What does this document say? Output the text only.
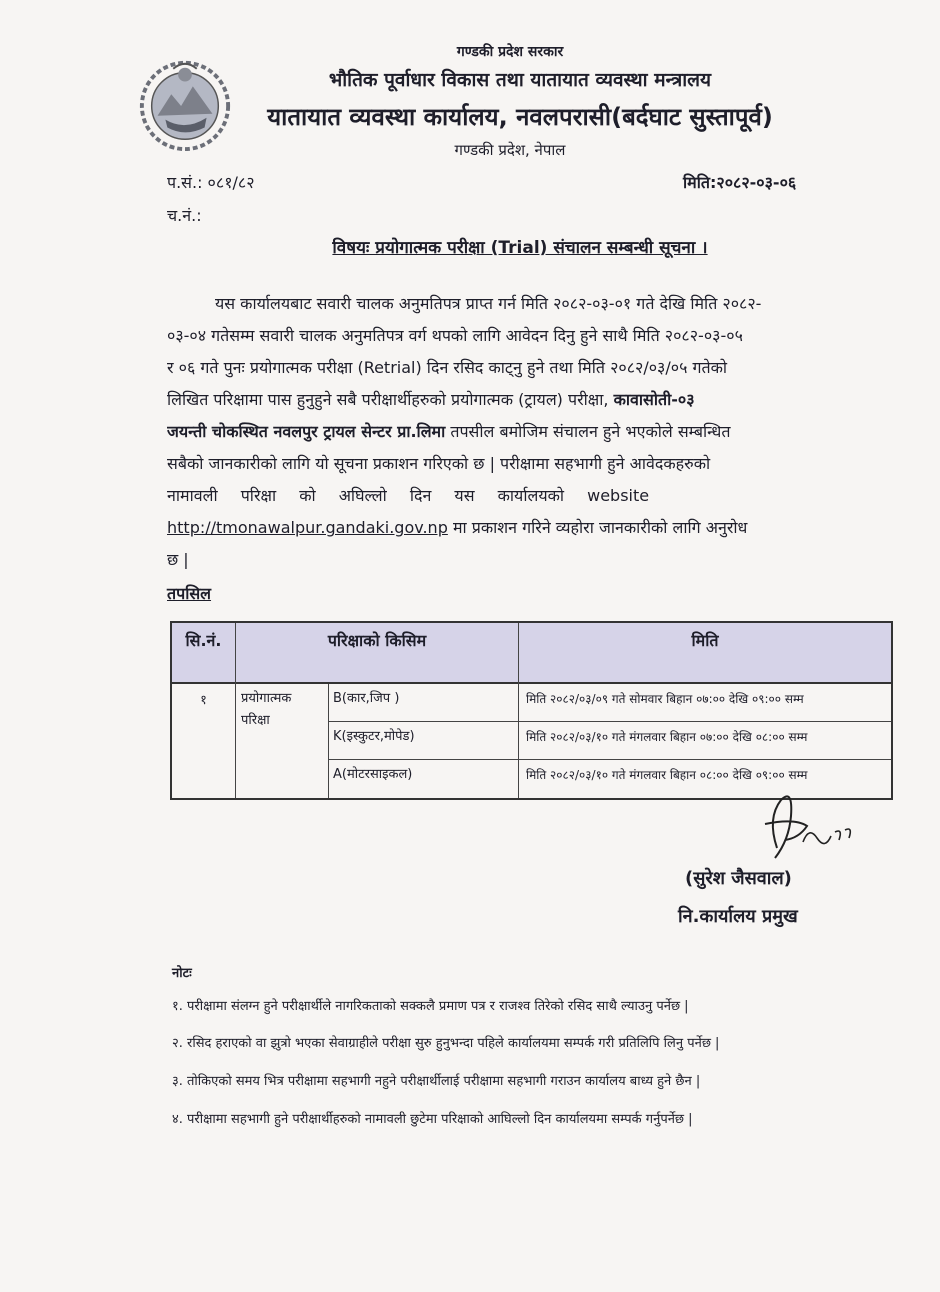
गण्डकी प्रदेश सरकार
भौतिक पूर्वाधार विकास तथा यातायात व्यवस्था मन्त्रालय
यातायात व्यवस्था कार्यालय, नवलपरासी(बर्दघाट सुस्तापूर्व)
गण्डकी प्रदेश, नेपाल
प.सं.: ०८१/८२	मिति:२०८२-०३-०६
च.नं.:
विषयः प्रयोगात्मक परीक्षा (Trial) संचालन सम्बन्धी सूचना ।
यस कार्यालयबाट सवारी चालक अनुमतिपत्र प्राप्त गर्न मिति २०८२-०३-०१ गते देखि मिति २०८२-
०३-०४ गतेसम्म सवारी चालक अनुमतिपत्र वर्ग थपको लागि आवेदन दिनु हुने साथै मिति २०८२-०३-०५
र ०६ गते पुनः प्रयोगात्मक परीक्षा (Retrial) दिन रसिद काट्नु हुने तथा मिति २०८२/०३/०५ गतेको
लिखित परिक्षामा पास हुनुहुने सबै परीक्षार्थीहरुको प्रयोगात्मक (ट्रायल) परीक्षा, कावासोती-०३
जयन्ती चोकस्थित नवलपुर ट्रायल सेन्टर प्रा.लिमा तपसील बमोजिम संचालन हुने भएकोले सम्बन्धित
सबैको जानकारीको लागि यो सूचना प्रकाशन गरिएको छ | परीक्षामा सहभागी हुने आवेदकहरुको
नामावली परिक्षा को अघिल्लो दिन यस कार्यालयको website
http://tmonawalpur.gandaki.gov.np मा प्रकाशन गरिने व्यहोरा जानकारीको लागि अनुरोध
छ |
तपसिल
सि.नं.	परिक्षाको किसिम	मिति
१	प्रयोगात्मक
परिक्षा
B(कार,जिप )	मिति २०८२/०३/०९ गते सोमवार बिहान ०७:०० देखि ०९:०० सम्म
K(इस्कुटर,मोपेड)	मिति २०८२/०३/१० गते मंगलवार बिहान ०७:०० देखि ०८:०० सम्म
A(मोटरसाइकल)	मिति २०८२/०३/१० गते मंगलवार बिहान ०८:०० देखि ०९:०० सम्म
(सुरेश जैसवाल)
नि.कार्यालय प्रमुख
नोटः
१. परीक्षामा संलग्न हुने परीक्षार्थीले नागरिकताको सक्कलै प्रमाण पत्र र राजश्व तिरेको रसिद साथै ल्याउनु पर्नेछ |
२. रसिद हराएको वा झुत्रो भएका सेवाग्राहीले परीक्षा सुरु हुनुभन्दा पहिले कार्यालयमा सम्पर्क गरी प्रतिलिपि लिनु पर्नेछ |
३. तोकिएको समय भित्र परीक्षामा सहभागी नहुने परीक्षार्थीलाई परीक्षामा सहभागी गराउन कार्यालय बाध्य हुने छैन |
४. परीक्षामा सहभागी हुने परीक्षार्थीहरुको नामावली छुटेमा परिक्षाको आघिल्लो दिन कार्यालयमा सम्पर्क गर्नुपर्नेछ |
